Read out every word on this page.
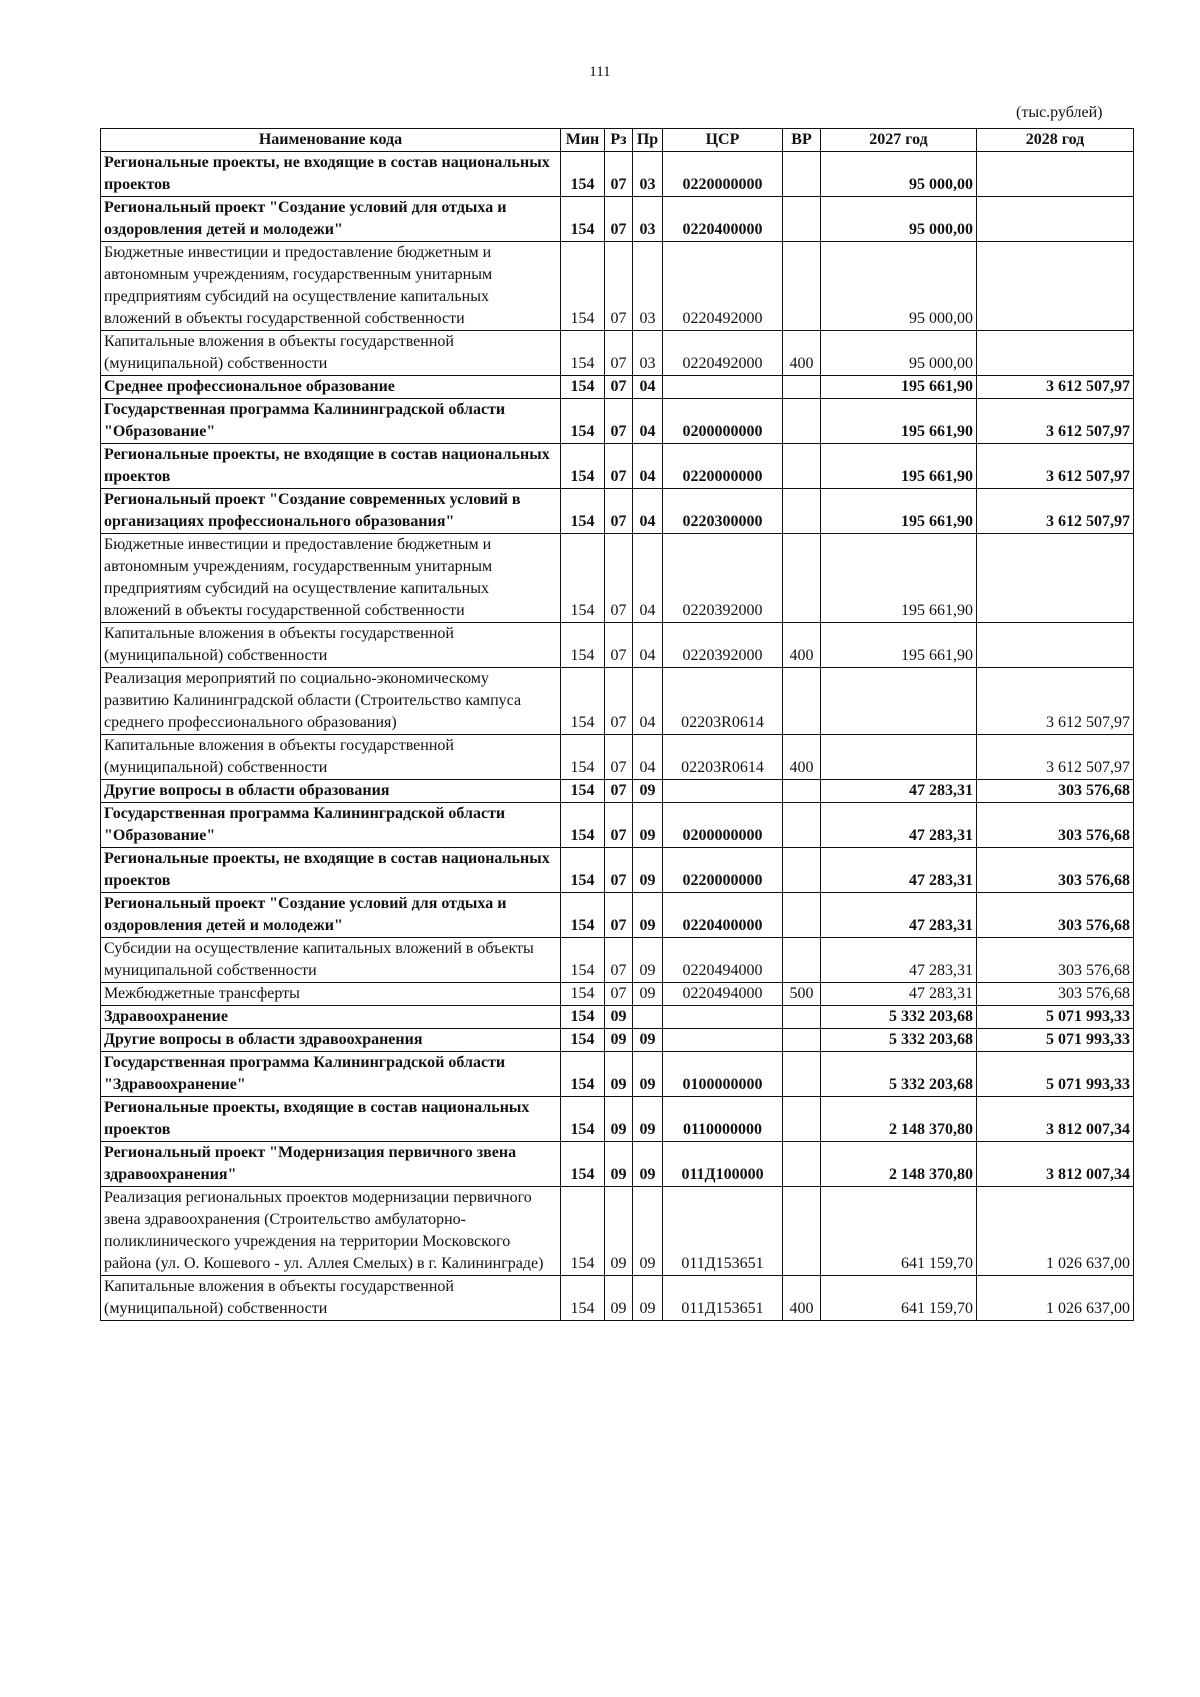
111
(тыс.рублей)
Наименование кода	Мин	Рз	Пр	ЦСР	ВР	2027 год	2028 год
Региональные проекты, не входящие в состав национальных проектов	154	07	03	0220000000		95 000,00	
Региональный проект "Создание условий для отдыха и оздоровления детей и молодежи"	154	07	03	0220400000		95 000,00	
Бюджетные инвестиции и предоставление бюджетным и автономным учреждениям, государственным унитарным предприятиям субсидий на осуществление капитальных вложений в объекты государственной собственности	154	07	03	0220492000		95 000,00	
Капитальные вложения в объекты государственной (муниципальной) собственности	154	07	03	0220492000	400	95 000,00	
Среднее профессиональное образование	154	07	04			195 661,90	3 612 507,97
Государственная программа Калининградской области "Образование"	154	07	04	0200000000		195 661,90	3 612 507,97
Региональные проекты, не входящие в состав национальных проектов	154	07	04	0220000000		195 661,90	3 612 507,97
Региональный проект "Создание современных условий в организациях профессионального образования"	154	07	04	0220300000		195 661,90	3 612 507,97
Бюджетные инвестиции и предоставление бюджетным и автономным учреждениям, государственным унитарным предприятиям субсидий на осуществление капитальных вложений в объекты государственной собственности	154	07	04	0220392000		195 661,90	
Капитальные вложения в объекты государственной (муниципальной) собственности	154	07	04	0220392000	400	195 661,90	
Реализация мероприятий по социально-экономическому развитию Калининградской области (Строительство кампуса среднего профессионального образования)	154	07	04	02203R0614			3 612 507,97
Капитальные вложения в объекты государственной (муниципальной) собственности	154	07	04	02203R0614	400		3 612 507,97
Другие вопросы в области образования	154	07	09			47 283,31	303 576,68
Государственная программа Калининградской области "Образование"	154	07	09	0200000000		47 283,31	303 576,68
Региональные проекты, не входящие в состав национальных проектов	154	07	09	0220000000		47 283,31	303 576,68
Региональный проект "Создание условий для отдыха и оздоровления детей и молодежи"	154	07	09	0220400000		47 283,31	303 576,68
Субсидии на осуществление капитальных вложений в объекты муниципальной собственности	154	07	09	0220494000		47 283,31	303 576,68
Межбюджетные трансферты	154	07	09	0220494000	500	47 283,31	303 576,68
Здравоохранение	154	09				5 332 203,68	5 071 993,33
Другие вопросы в области здравоохранения	154	09	09			5 332 203,68	5 071 993,33
Государственная программа Калининградской области "Здравоохранение"	154	09	09	0100000000		5 332 203,68	5 071 993,33
Региональные проекты, входящие в состав национальных проектов	154	09	09	0110000000		2 148 370,80	3 812 007,34
Региональный проект "Модернизация первичного звена здравоохранения"	154	09	09	011Д100000		2 148 370,80	3 812 007,34
Реализация региональных проектов модернизации первичного звена здравоохранения (Строительство амбулаторно-поликлинического учреждения на территории Московского района (ул. О. Кошевого - ул. Аллея Смелых) в г. Калининграде)	154	09	09	011Д153651		641 159,70	1 026 637,00
Капитальные вложения в объекты государственной (муниципальной) собственности	154	09	09	011Д153651	400	641 159,70	1 026 637,00
